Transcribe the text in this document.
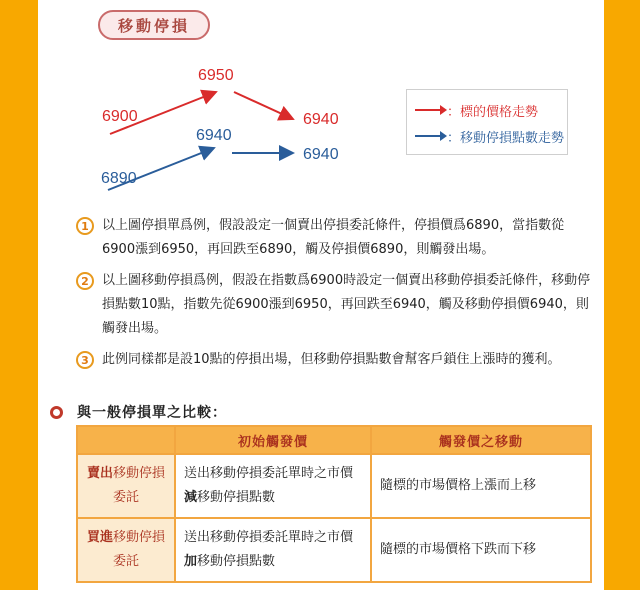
移動停損
6950
6900	6940
6940
6940
6890
：標的價格走勢
：移動停損點數走勢
1	以上圖停損單爲例，假設設定一個賣出停損委託條件，停損價爲6890，當指數從6900漲到6950，再回跌至6890，觸及停損價6890，則觸發出場。
2	以上圖移動停損爲例，假設在指數爲6900時設定一個賣出移動停損委託條件，移動停損點數10點，指數先從6900漲到6950，再回跌至6940，觸及移動停損價6940，則觸發出場。
3	此例同樣都是設10點的停損出場，但移動停損點數會幫客戶鎖住上漲時的獲利。
與一般停損單之比較：
	初始觸發價	觸發價之移動
賣出移動停損委託	送出移動停損委託單時之市價減移動停損點數	隨標的市場價格上漲而上移
買進移動停損委託	送出移動停損委託單時之市價加移動停損點數	隨標的市場價格下跌而下移
